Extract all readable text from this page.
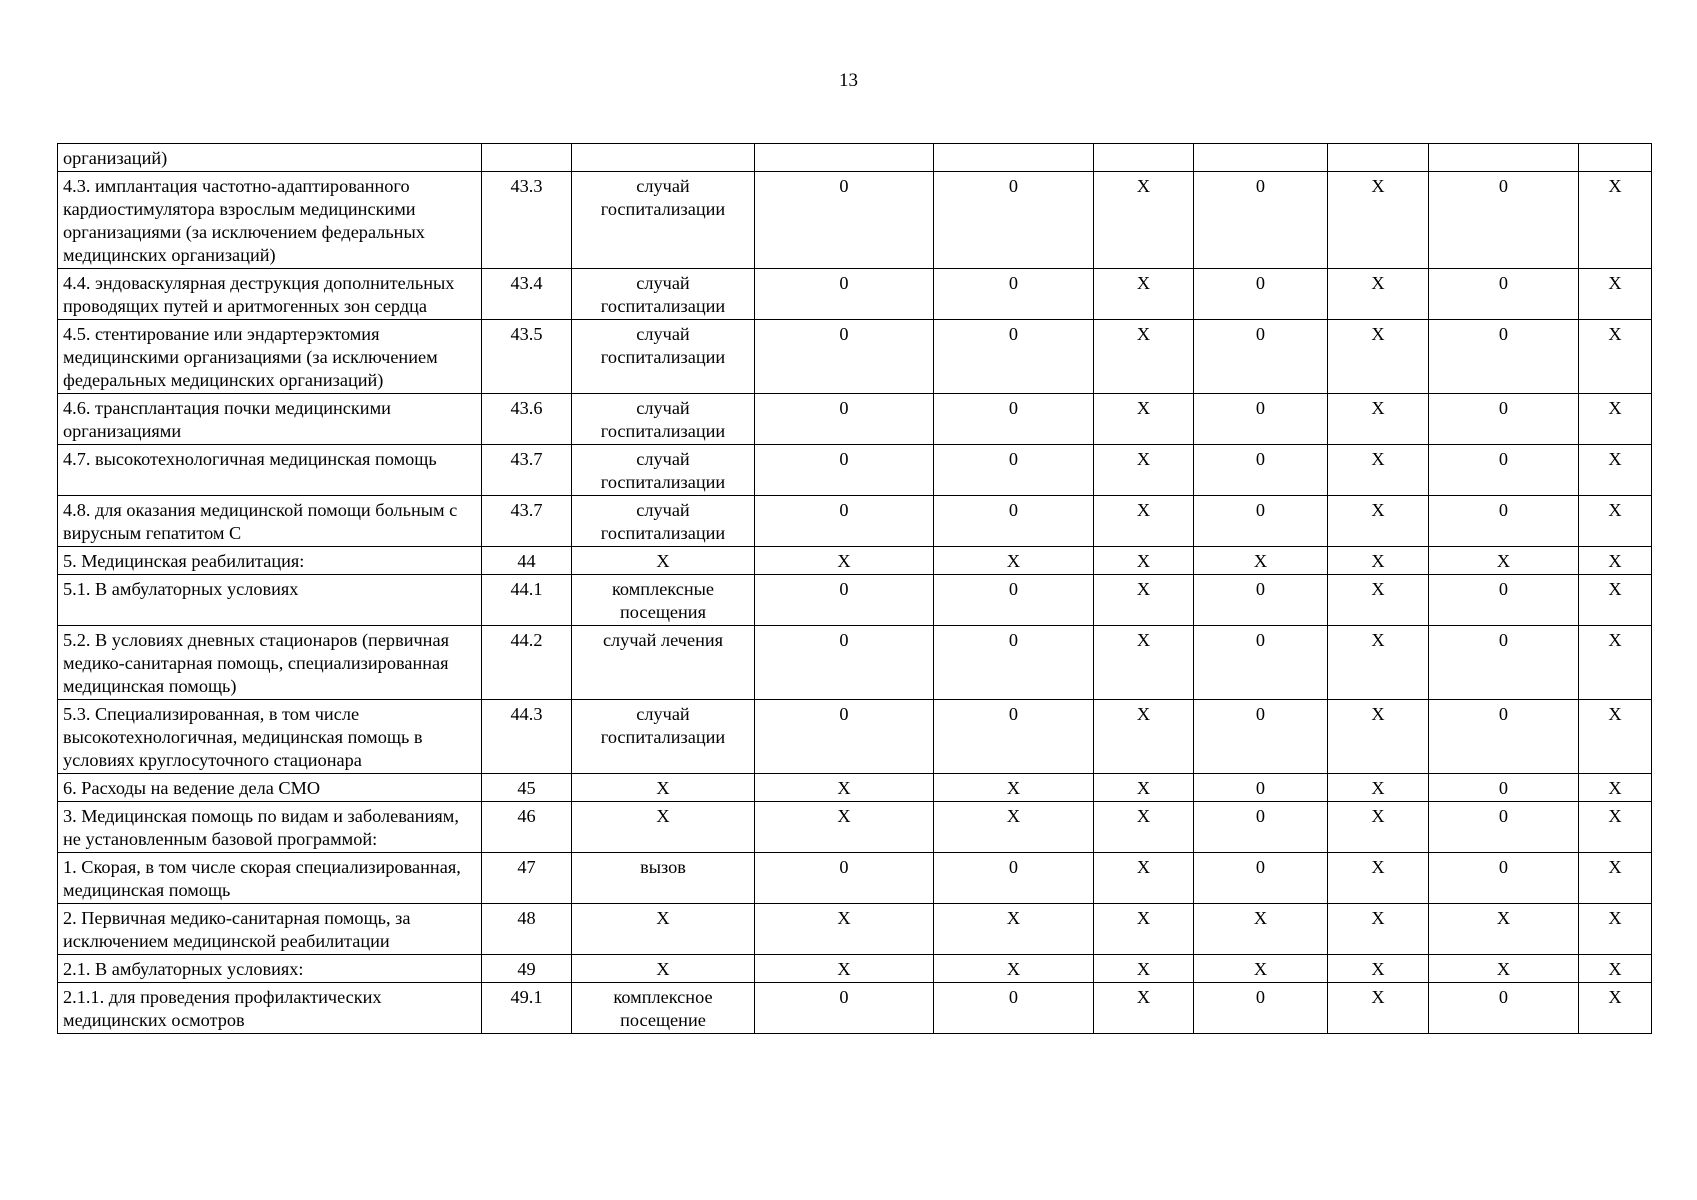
13
организаций)									
4.3. имплантация частотно-адаптированного кардиостимулятора взрослым медицинскими организациями (за исключением федеральных медицинских организаций)	43.3	случай госпитализации	0	0	X	0	X	0	X
4.4. эндоваскулярная деструкция дополнительных проводящих путей и аритмогенных зон сердца	43.4	случай госпитализации	0	0	X	0	X	0	X
4.5. стентирование или эндартерэктомия медицинскими организациями (за исключением федеральных медицинских организаций)	43.5	случай госпитализации	0	0	X	0	X	0	X
4.6. трансплантация почки медицинскими организациями	43.6	случай госпитализации	0	0	X	0	X	0	X
4.7. высокотехнологичная медицинская помощь	43.7	случай госпитализации	0	0	X	0	X	0	X
4.8. для оказания медицинской помощи больным с вирусным гепатитом С	43.7	случай госпитализации	0	0	X	0	X	0	X
5. Медицинская реабилитация:	44	X	X	X	X	X	X	X	X
5.1. В амбулаторных условиях	44.1	комплексные посещения	0	0	X	0	X	0	X
5.2. В условиях дневных стационаров (первичная медико-санитарная помощь, специализированная медицинская помощь)	44.2	случай лечения	0	0	X	0	X	0	X
5.3. Специализированная, в том числе высокотехнологичная, медицинская помощь в условиях круглосуточного стационара	44.3	случай госпитализации	0	0	X	0	X	0	X
6. Расходы на ведение дела СМО	45	X	X	X	X	0	X	0	X
3. Медицинская помощь по видам и заболеваниям, не установленным базовой программой:	46	X	X	X	X	0	X	0	X
1. Скорая, в том числе скорая специализированная, медицинская помощь	47	вызов	0	0	X	0	X	0	X
2. Первичная медико-санитарная помощь, за исключением медицинской реабилитации	48	X	X	X	X	X	X	X	X
2.1. В амбулаторных условиях:	49	X	X	X	X	X	X	X	X
2.1.1. для проведения профилактических медицинских осмотров	49.1	комплексное посещение	0	0	X	0	X	0	X
